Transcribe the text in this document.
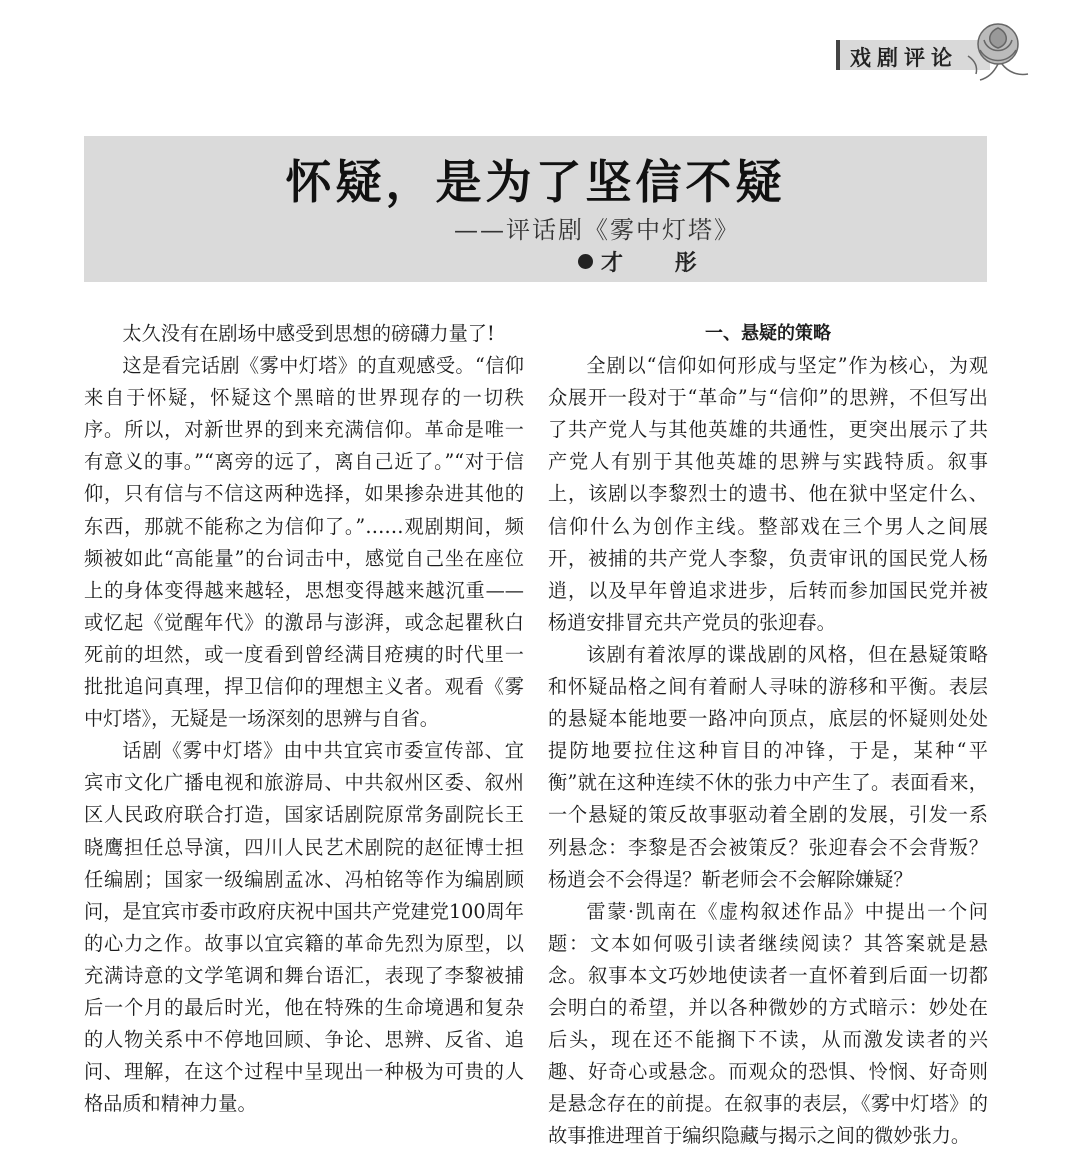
戏剧评论
怀疑，是为了坚信不疑
——评话剧《雾中灯塔》
才 彤

太久没有在剧场中感受到思想的磅礴力量了!

这是看完话剧《雾中灯塔》的直观感受。“信仰来自于怀疑，怀疑这个黑暗的世界现存的一切秩序。所以，对新世界的到来充满信仰。革命是唯一有意义的事。”“离旁的远了，离自己近了。”“对于信仰，只有信与不信这两种选择，如果掺杂进其他的东西，那就不能称之为信仰了。”……观剧期间，频频被如此“高能量”的台词击中，感觉自己坐在座位上的身体变得越来越轻，思想变得越来越沉重——或忆起《觉醒年代》的激昂与澎湃，或念起瞿秋白死前的坦然，或一度看到曾经满目疮痍的时代里一批批追问真理，捍卫信仰的理想主义者。观看《雾中灯塔》，无疑是一场深刻的思辨与自省。

话剧《雾中灯塔》由中共宜宾市委宣传部、宜宾市文化广播电视和旅游局、中共叙州区委、叙州区人民政府联合打造，国家话剧院原常务副院长王晓鹰担任总导演，四川人民艺术剧院的赵征博士担任编剧；国家一级编剧孟冰、冯柏铭等作为编剧顾问，是宜宾市委市政府庆祝中国共产党建党100周年的心力之作。故事以宜宾籍的革命先烈为原型，以充满诗意的文学笔调和舞台语汇，表现了李黎被捕后一个月的最后时光，他在特殊的生命境遇和复杂的人物关系中不停地回顾、争论、思辨、反省、追问、理解，在这个过程中呈现出一种极为可贵的人格品质和精神力量。

一、悬疑的策略

全剧以“信仰如何形成与坚定”作为核心，为观众展开一段对于“革命”与“信仰”的思辨，不但写出了共产党人与其他英雄的共通性，更突出展示了共产党人有别于其他英雄的思辨与实践特质。叙事上，该剧以李黎烈士的遗书、他在狱中坚定什么、信仰什么为创作主线。整部戏在三个男人之间展开，被捕的共产党人李黎，负责审讯的国民党人杨逍，以及早年曾追求进步，后转而参加国民党并被杨逍安排冒充共产党员的张迎春。

该剧有着浓厚的谍战剧的风格，但在悬疑策略和怀疑品格之间有着耐人寻味的游移和平衡。表层的悬疑本能地要一路冲向顶点，底层的怀疑则处处提防地要拉住这种盲目的冲锋，于是，某种“平衡”就在这种连续不休的张力中产生了。表面看来，一个悬疑的策反故事驱动着全剧的发展，引发一系列悬念：李黎是否会被策反？张迎春会不会背叛？杨逍会不会得逞？靳老师会不会解除嫌疑？

雷蒙·凯南在《虚构叙述作品》中提出一个问题：文本如何吸引读者继续阅读？其答案就是悬念。叙事本文巧妙地使读者一直怀着到后面一切都会明白的希望，并以各种微妙的方式暗示：妙处在后头，现在还不能搁下不读，从而激发读者的兴趣、好奇心或悬念。而观众的恐惧、怜悯、好奇则是悬念存在的前提。在叙事的表层，《雾中灯塔》的故事推进理首于编织隐藏与揭示之间的微妙张力。
